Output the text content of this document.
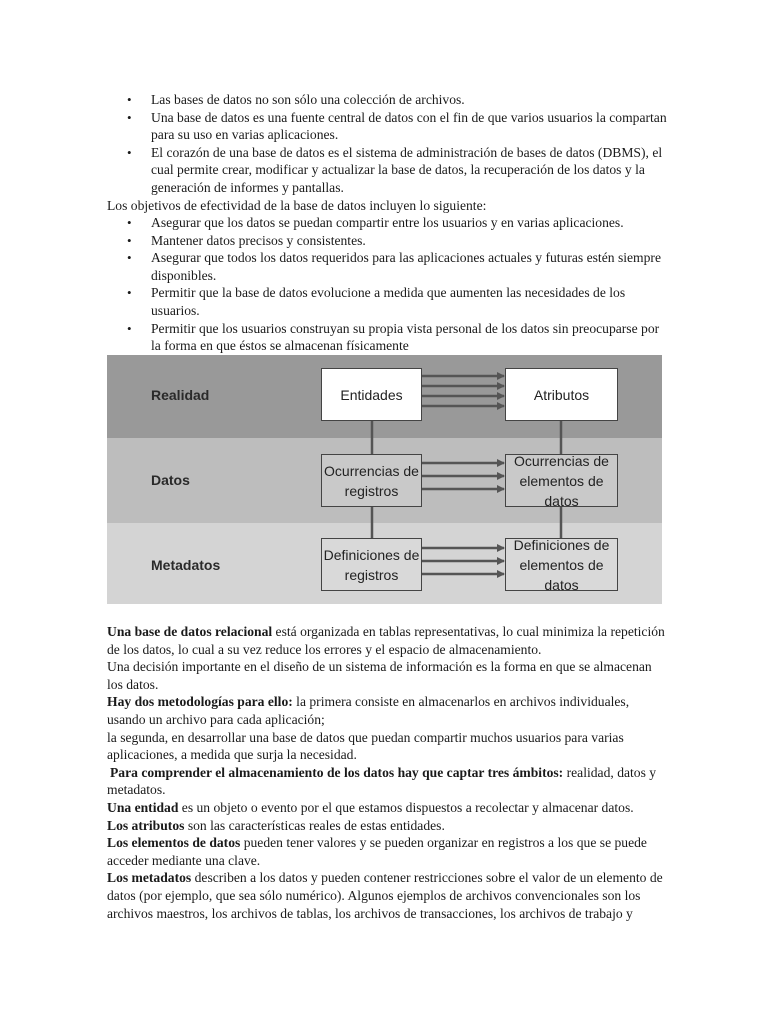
• Las bases de datos no son sólo una colección de archivos.
• Una base de datos es una fuente central de datos con el fin de que varios usuarios la compartan para su uso en varias aplicaciones.
• El corazón de una base de datos es el sistema de administración de bases de datos (DBMS), el cual permite crear, modificar y actualizar la base de datos, la recuperación de los datos y la generación de informes y pantallas.

Los objetivos de efectividad de la base de datos incluyen lo siguiente:

• Asegurar que los datos se puedan compartir entre los usuarios y en varias aplicaciones.
• Mantener datos precisos y consistentes.
• Asegurar que todos los datos requeridos para las aplicaciones actuales y futuras estén siempre disponibles.
• Permitir que la base de datos evolucione a medida que aumenten las necesidades de los usuarios.
• Permitir que los usuarios construyan su propia vista personal de los datos sin preocuparse por la forma en que éstos se almacenan físicamente
Realidad
Datos
Metadatos
Entidades	Atributos
Ocurrencias de registros
Ocurrencias de elementos de datos
Definiciones de registros
Definiciones de elementos de datos

Una base de datos relacional está organizada en tablas representativas, lo cual minimiza la repetición de los datos, lo cual a su vez reduce los errores y el espacio de almacenamiento.

Una decisión importante en el diseño de un sistema de información es la forma en que se almacenan los datos.

Hay dos metodologías para ello: la primera consiste en almacenarlos en archivos individuales, usando un archivo para cada aplicación;

la segunda, en desarrollar una base de datos que puedan compartir muchos usuarios para varias aplicaciones, a medida que surja la necesidad.

Para comprender el almacenamiento de los datos hay que captar tres ámbitos: realidad, datos y metadatos.

Una entidad es un objeto o evento por el que estamos dispuestos a recolectar y almacenar datos.

Los atributos son las características reales de estas entidades.

Los elementos de datos pueden tener valores y se pueden organizar en registros a los que se puede acceder mediante una clave.

Los metadatos describen a los datos y pueden contener restricciones sobre el valor de un elemento de datos (por ejemplo, que sea sólo numérico). Algunos ejemplos de archivos convencionales son los archivos maestros, los archivos de tablas, los archivos de transacciones, los archivos de trabajo y
